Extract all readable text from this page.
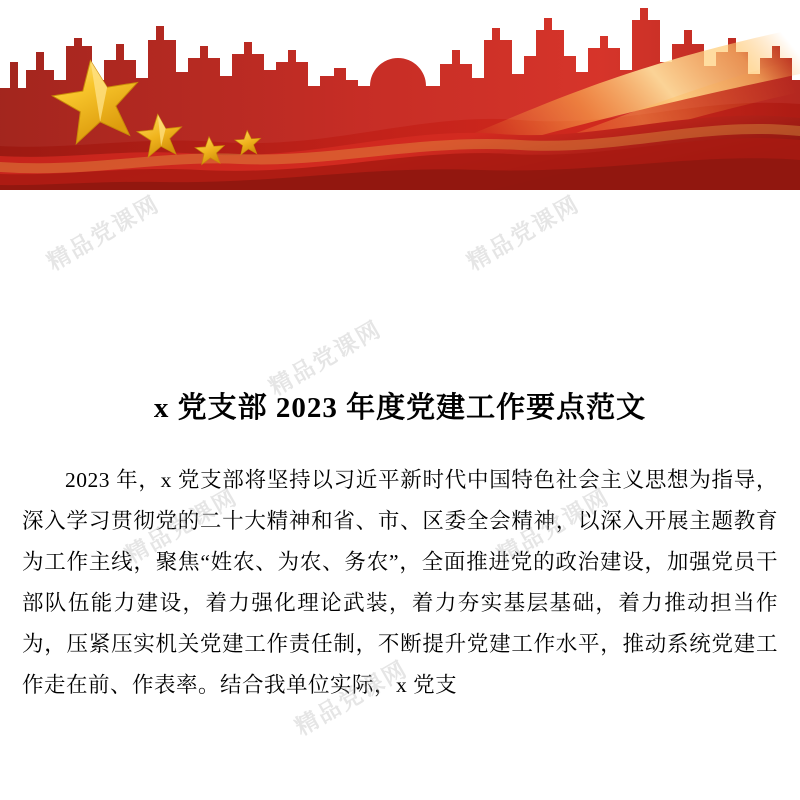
x 党支部 2023 年度党建工作要点范文
2023 年，x 党支部将坚持以习近平新时代中国特色社会主义思想为指导，深入学习贯彻党的二十大精神和省、市、区委全会精神，以深入开展主题教育为工作主线，聚焦“姓农、为农、务农”，全面推进党的政治建设，加强党员干部队伍能力建设，着力强化理论武装，着力夯实基层基础，着力推动担当作为，压紧压实机关党建工作责任制，不断提升党建工作水平，推动系统党建工作走在前、作表率。结合我单位实际，x 党支
精品党课网	精品党课网
精品党课网
精品党课网	精品党课网
精品党课网
